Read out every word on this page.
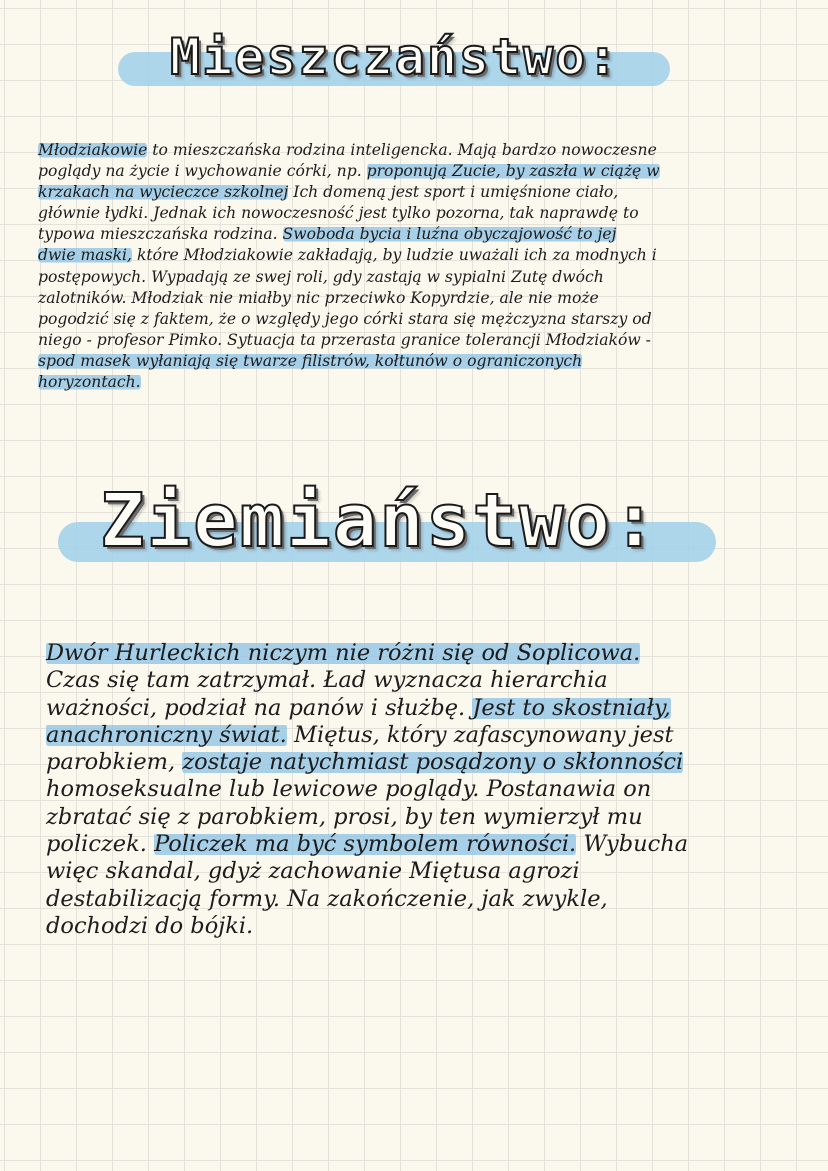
Mieszczaństwo:
Młodziakowie to mieszczańska rodzina inteligencka. Mają bardzo nowoczesne
poglądy na życie i wychowanie córki, np. proponują Zucie, by zaszła w ciążę w
krzakach na wycieczce szkolnej Ich domeną jest sport i umięśnione ciało,
głównie łydki. Jednak ich nowoczesność jest tylko pozorna, tak naprawdę to
typowa mieszczańska rodzina. Swoboda bycia i luźna obyczajowość to jej
dwie maski, które Młodziakowie zakładają, by ludzie uważali ich za modnych i
postępowych. Wypadają ze swej roli, gdy zastają w sypialni Zutę dwóch
zalotników. Młodziak nie miałby nic przeciwko Kopyrdzie, ale nie może
pogodzić się z faktem, że o względy jego córki stara się mężczyzna starszy od
niego - profesor Pimko. Sytuacja ta przerasta granice tolerancji Młodziaków -
spod masek wyłaniają się twarze filistrów, kołtunów o ograniczonych
horyzontach.
Ziemiaństwo:
Dwór Hurleckich niczym nie różni się od Soplicowa.
Czas się tam zatrzymał. Ład wyznacza hierarchia
ważności, podział na panów i służbę. Jest to skostniały,
anachroniczny świat. Miętus, który zafascynowany jest
parobkiem, zostaje natychmiast posądzony o skłonności
homoseksualne lub lewicowe poglądy. Postanawia on
zbratać się z parobkiem, prosi, by ten wymierzył mu
policzek. Policzek ma być symbolem równości. Wybucha
więc skandal, gdyż zachowanie Miętusa agrozi
destabilizacją formy. Na zakończenie, jak zwykle,
dochodzi do bójki.
